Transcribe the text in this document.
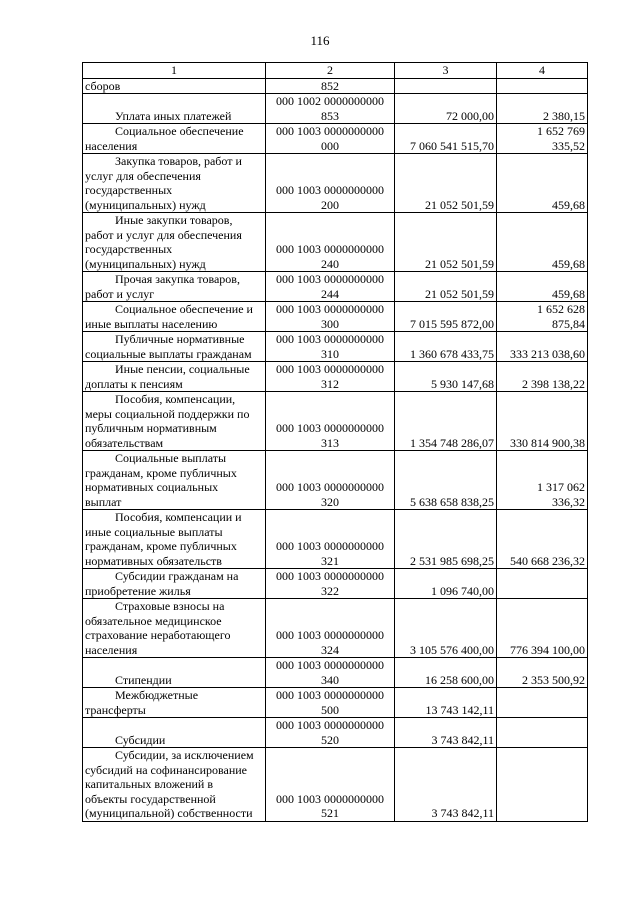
116
1	2	3	4

сборов	852		

Уплата иных платежей	000 1002 0000000000
853	72 000,00	2 380,15

Социальное обеспечение
населения	000 1003 0000000000
000	7 060 541 515,70	1 652 769
335,52

Закупка товаров, работ и
услуг для обеспечения
государственных
(муниципальных) нужд	000 1003 0000000000
200	21 052 501,59	459,68

Иные закупки товаров,
работ и услуг для обеспечения
государственных
(муниципальных) нужд	000 1003 0000000000
240	21 052 501,59	459,68

Прочая закупка товаров,
работ и услуг	000 1003 0000000000
244	21 052 501,59	459,68

Социальное обеспечение и
иные выплаты населению	000 1003 0000000000
300	7 015 595 872,00	1 652 628
875,84

Публичные нормативные
социальные выплаты гражданам	000 1003 0000000000
310	1 360 678 433,75	333 213 038,60

Иные пенсии, социальные
доплаты к пенсиям	000 1003 0000000000
312	5 930 147,68	2 398 138,22

Пособия, компенсации,
меры социальной поддержки по
публичным нормативным
обязательствам	000 1003 0000000000
313	1 354 748 286,07	330 814 900,38

Социальные выплаты
гражданам, кроме публичных
нормативных социальных
выплат	000 1003 0000000000
320	5 638 658 838,25	1 317 062
336,32

Пособия, компенсации и
иные социальные выплаты
гражданам, кроме публичных
нормативных обязательств	000 1003 0000000000
321	2 531 985 698,25	540 668 236,32

Субсидии гражданам на
приобретение жилья	000 1003 0000000000
322	1 096 740,00	

Страховые взносы на
обязательное медицинское
страхование неработающего
населения	000 1003 0000000000
324	3 105 576 400,00	776 394 100,00

Стипендии	000 1003 0000000000
340	16 258 600,00	2 353 500,92

Межбюджетные
трансферты	000 1003 0000000000
500	13 743 142,11	

Субсидии	000 1003 0000000000
520	3 743 842,11	

Субсидии, за исключением
субсидий на софинансирование
капитальных вложений в
объекты государственной
(муниципальной) собственности	000 1003 0000000000
521	3 743 842,11	
